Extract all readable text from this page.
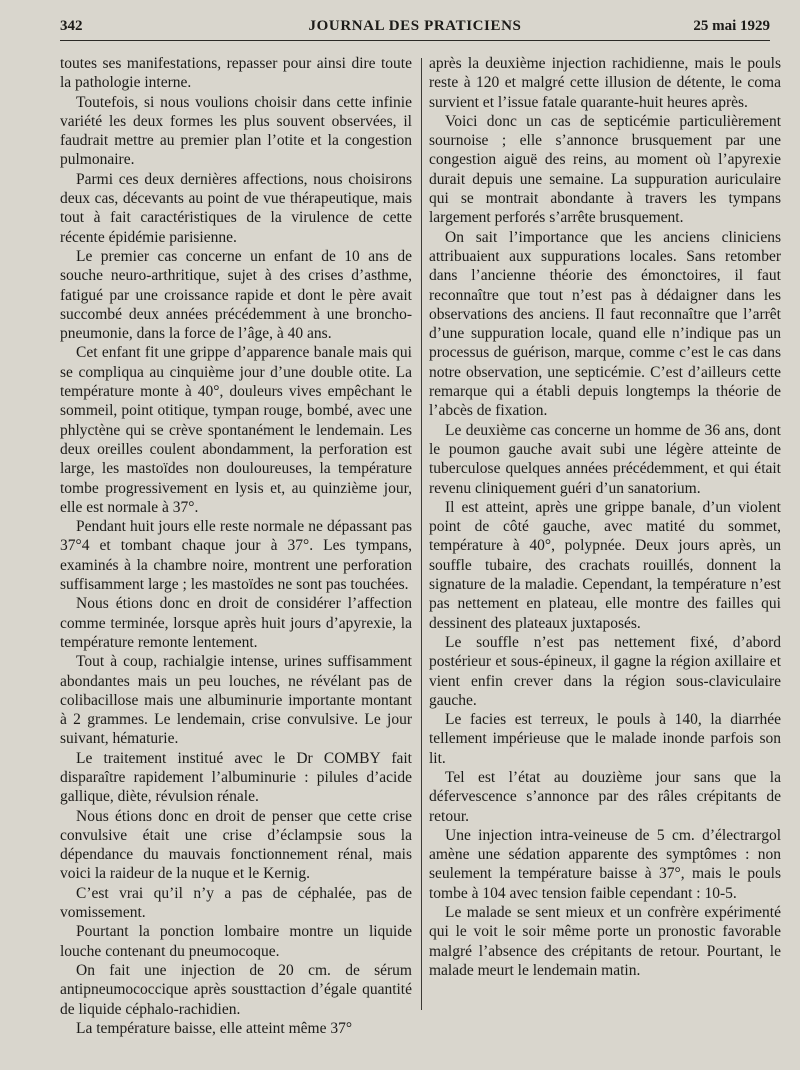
342	JOURNAL DES PRATICIENS	25 mai 1929

toutes ses manifestations, repasser pour ainsi dire toute la pathologie interne.

Toutefois, si nous voulions choisir dans cette infinie variété les deux formes les plus souvent observées, il faudrait mettre au premier plan l’otite et la congestion pulmonaire.

Parmi ces deux dernières affections, nous choisirons deux cas, décevants au point de vue thérapeutique, mais tout à fait caractéristiques de la virulence de cette récente épidémie parisienne.

Le premier cas concerne un enfant de 10 ans de souche neuro-arthritique, sujet à des crises d’asthme, fatigué par une croissance rapide et dont le père avait succombé deux années précédemment à une broncho-pneumonie, dans la force de l’âge, à 40 ans.

Cet enfant fit une grippe d’apparence banale mais qui se compliqua au cinquième jour d’une double otite. La température monte à 40°, douleurs vives empêchant le sommeil, point otitique, tympan rouge, bombé, avec une phlyctène qui se crève spontanément le lendemain. Les deux oreilles coulent abondamment, la perforation est large, les mastoïdes non douloureuses, la température tombe progressivement en lysis et, au quinzième jour, elle est normale à 37°.

Pendant huit jours elle reste normale ne dépassant pas 37°4 et tombant chaque jour à 37°. Les tympans, examinés à la chambre noire, montrent une perforation suffisamment large ; les mastoïdes ne sont pas touchées.

Nous étions donc en droit de considérer l’affection comme terminée, lorsque après huit jours d’apyrexie, la température remonte lentement.

Tout à coup, rachialgie intense, urines suffisamment abondantes mais un peu louches, ne révélant pas de colibacillose mais une albuminurie importante montant à 2 grammes. Le lendemain, crise convulsive. Le jour suivant, hématurie.

Le traitement institué avec le Dr COMBY fait disparaître rapidement l’albuminurie : pilules d’acide gallique, diète, révulsion rénale.

Nous étions donc en droit de penser que cette crise convulsive était une crise d’éclampsie sous la dépendance du mauvais fonctionnement rénal, mais voici la raideur de la nuque et le Kernig.

C’est vrai qu’il n’y a pas de céphalée, pas de vomissement.

Pourtant la ponction lombaire montre un liquide louche contenant du pneumocoque.

On fait une injection de 20 cm. de sérum antipneumococcique après sousttaction d’égale quantité de liquide céphalo-rachidien.

La température baisse, elle atteint même 37°

après la deuxième injection rachidienne, mais le pouls reste à 120 et malgré cette illusion de détente, le coma survient et l’issue fatale quarante-huit heures après.

Voici donc un cas de septicémie particulièrement sournoise ; elle s’annonce brusquement par une congestion aiguë des reins, au moment où l’apyrexie durait depuis une semaine. La suppuration auriculaire qui se montrait abondante à travers les tympans largement perforés s’arrête brusquement.

On sait l’importance que les anciens cliniciens attribuaient aux suppurations locales. Sans retomber dans l’ancienne théorie des émonctoires, il faut reconnaître que tout n’est pas à dédaigner dans les observations des anciens. Il faut reconnaître que l’arrêt d’une suppuration locale, quand elle n’indique pas un processus de guérison, marque, comme c’est le cas dans notre observation, une septicémie. C’est d’ailleurs cette remarque qui a établi depuis longtemps la théorie de l’abcès de fixation.

Le deuxième cas concerne un homme de 36 ans, dont le poumon gauche avait subi une légère atteinte de tuberculose quelques années précédemment, et qui était revenu cliniquement guéri d’un sanatorium.

Il est atteint, après une grippe banale, d’un violent point de côté gauche, avec matité du sommet, température à 40°, polypnée. Deux jours après, un souffle tubaire, des crachats rouillés, donnent la signature de la maladie. Cependant, la température n’est pas nettement en plateau, elle montre des failles qui dessinent des plateaux juxtaposés.

Le souffle n’est pas nettement fixé, d’abord postérieur et sous-épineux, il gagne la région axillaire et vient enfin crever dans la région sous-claviculaire gauche.

Le facies est terreux, le pouls à 140, la diarrhée tellement impérieuse que le malade inonde parfois son lit.

Tel est l’état au douzième jour sans que la défervescence s’annonce par des râles crépitants de retour.

Une injection intra-veineuse de 5 cm. d’électrargol amène une sédation apparente des symptômes : non seulement la température baisse à 37°, mais le pouls tombe à 104 avec tension faible cependant : 10-5.

Le malade se sent mieux et un confrère expérimenté qui le voit le soir même porte un pronostic favorable malgré l’absence des crépitants de retour. Pourtant, le malade meurt le lendemain matin.
